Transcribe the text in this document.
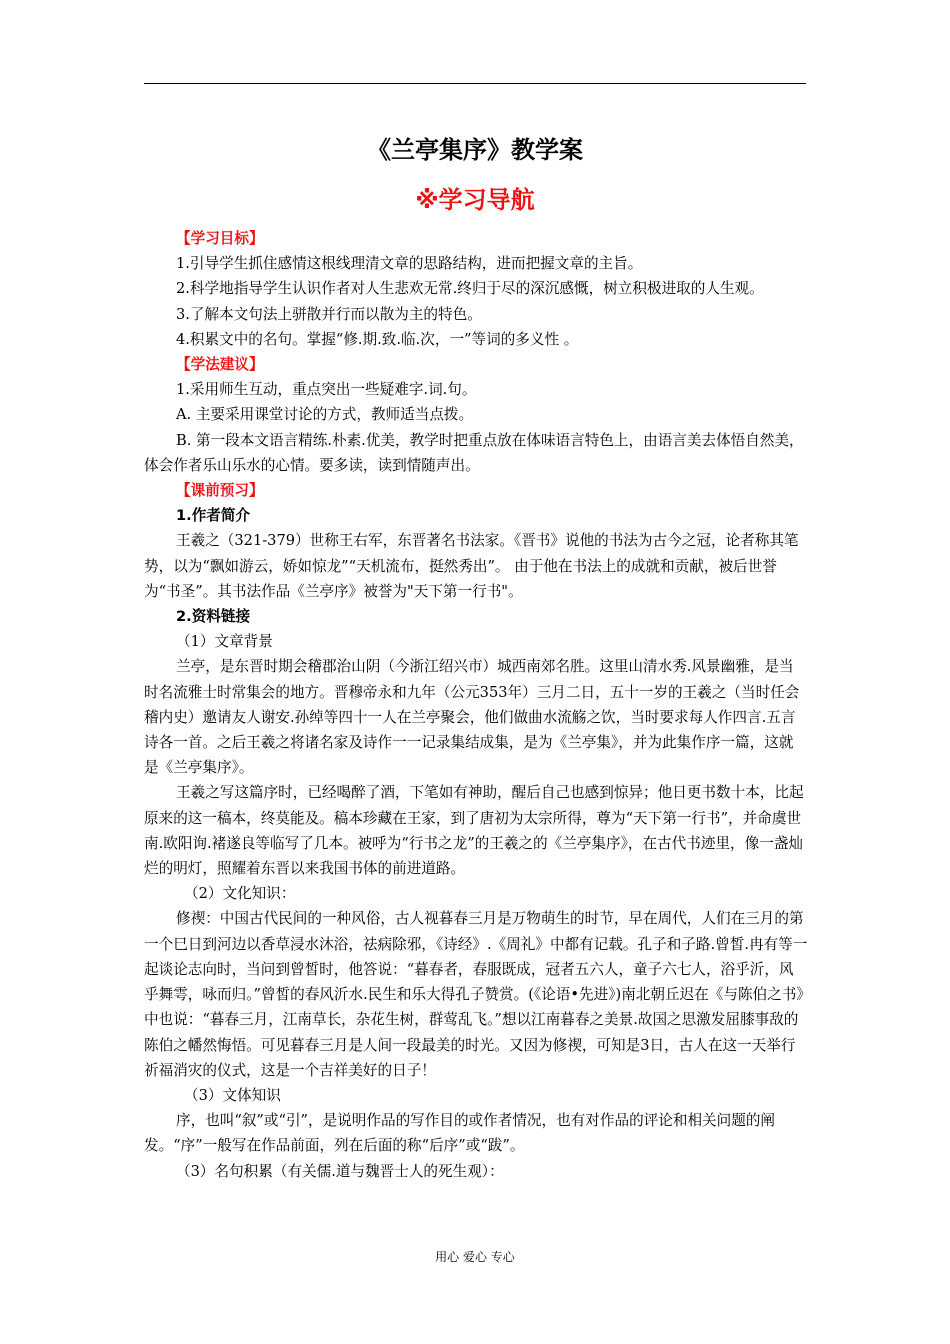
《兰亭集序》教学案
※学习导航

【学习目标】

1.引导学生抓住感情这根线理清文章的思路结构，进而把握文章的主旨。

2.科学地指导学生认识作者对人生悲欢无常.终归于尽的深沉感慨，树立积极进取的人生观。

3.了解本文句法上骈散并行而以散为主的特色。

4.积累文中的名句。掌握“修.期.致.临.次，一”等词的多义性 。

【学法建议】

1.采用师生互动，重点突出一些疑难字.词.句。

A. 主要采用课堂讨论的方式，教师适当点拨。

B. 第一段本文语言精练.朴素.优美，教学时把重点放在体味语言特色上，由语言美去体悟自然美，体会作者乐山乐水的心情。要多读，读到情随声出。

【课前预习】

1.作者简介

王羲之（321-379）世称王右军，东晋著名书法家。《晋书》说他的书法为古今之冠，论者称其笔势，以为“飘如游云，娇如惊龙”“天机流布，挺然秀出”。 由于他在书法上的成就和贡献，被后世誉为“书圣”。其书法作品《兰亭序》被誉为"天下第一行书"。

2.资料链接

（1）文章背景

兰亭，是东晋时期会稽郡治山阴（今浙江绍兴市）城西南郊名胜。这里山清水秀.风景幽雅，是当时名流雅士时常集会的地方。晋穆帝永和九年（公元353年）三月二日，五十一岁的王羲之（当时任会稽内史）邀请友人谢安.孙绰等四十一人在兰亭聚会，他们做曲水流觞之饮，当时要求每人作四言.五言诗各一首。之后王羲之将诸名家及诗作一一记录集结成集，是为《兰亭集》，并为此集作序一篇，这就是《兰亭集序》。

王羲之写这篇序时，已经喝醉了酒，下笔如有神助，醒后自己也感到惊异；他日更书数十本，比起原来的这一稿本，终莫能及。稿本珍藏在王家，到了唐初为太宗所得，尊为“天下第一行书”，并命虞世南.欧阳询.褚遂良等临写了几本。被呼为“行书之龙”的王羲之的《兰亭集序》，在古代书迹里，像一盏灿烂的明灯，照耀着东晋以来我国书体的前进道路。

（2）文化知识：

修禊：中国古代民间的一种风俗，古人视暮春三月是万物萌生的时节，早在周代，人们在三月的第一个巳日到河边以香草浸水沐浴，祛病除邪，《诗经》.《周礼》中都有记载。孔子和子路.曾皙.冉有等一起谈论志向时，当问到曾皙时，他答说：“暮春者，春服既成，冠者五六人，童子六七人，浴乎沂，风乎舞雩，咏而归。”曾皙的春风沂水.民生和乐大得孔子赞赏。(《论语•先进》)南北朝丘迟在《与陈伯之书》中也说：“暮春三月，江南草长，杂花生树，群莺乱飞。”想以江南暮春之美景.故国之思激发屈膝事敌的陈伯之幡然悔悟。可见暮春三月是人间一段最美的时光。又因为修禊，可知是3日，古人在这一天举行祈福消灾的仪式，这是一个吉祥美好的日子！

（3）文体知识

序，也叫“叙”或“引”，是说明作品的写作目的或作者情况，也有对作品的评论和相关问题的阐发。“序”一般写在作品前面，列在后面的称“后序”或“跋”。

（3）名句积累（有关儒.道与魏晋士人的死生观）：

用心 爱心 专心
